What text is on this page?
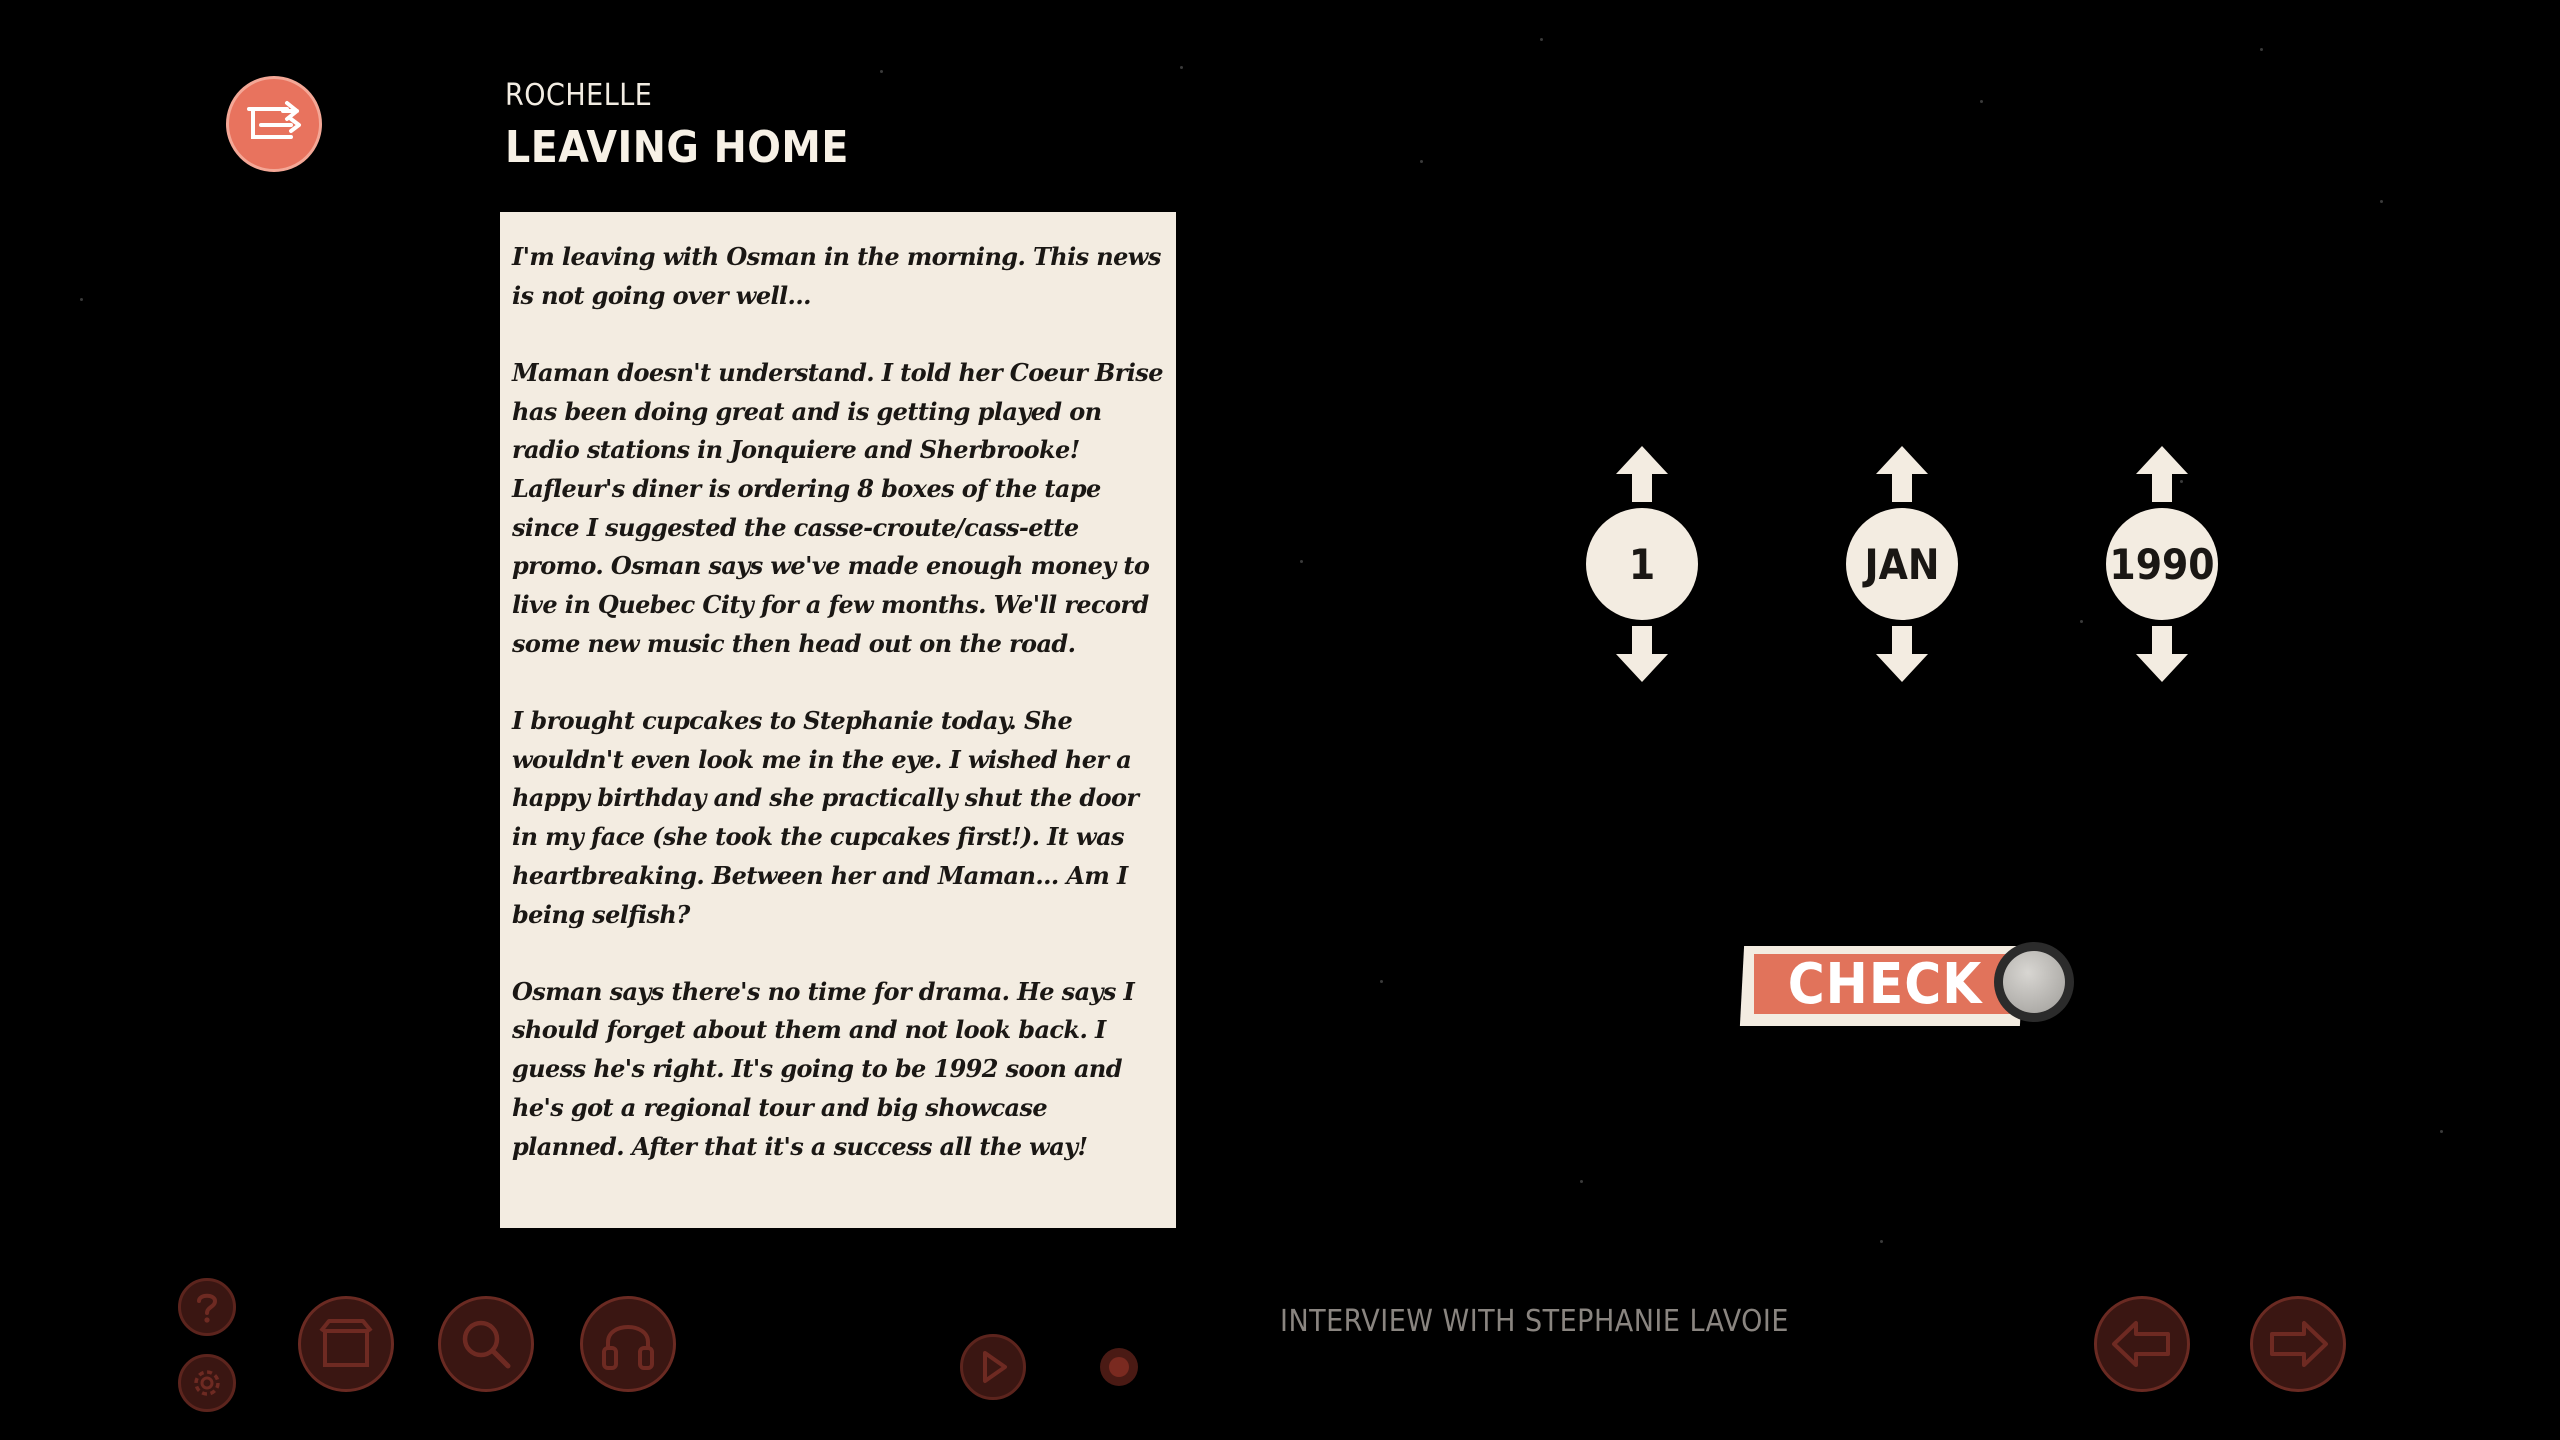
ROCHELLE
LEAVING HOME

I'm leaving with Osman in the morning. This news is not going over well...

Maman doesn't understand. I told her Coeur Brise has been doing great and is getting played on radio stations in Jonquiere and Sherbrooke! Lafleur's diner is ordering 8 boxes of the tape since I suggested the casse-croute/cass-ette promo. Osman says we've made enough money to live in Quebec City for a few months. We'll record some new music then head out on the road.

I brought cupcakes to Stephanie today. She wouldn't even look me in the eye. I wished her a happy birthday and she practically shut the door in my face (she took the cupcakes first!). It was heartbreaking. Between her and Maman... Am I being selfish?

Osman says there's no time for drama. He says I should forget about them and not look back. I guess he's right. It's going to be 1992 soon and he's got a regional tour and big showcase planned. After that it's a success all the way!

1	JAN	1990
CHECK
INTERVIEW WITH STEPHANIE LAVOIE
